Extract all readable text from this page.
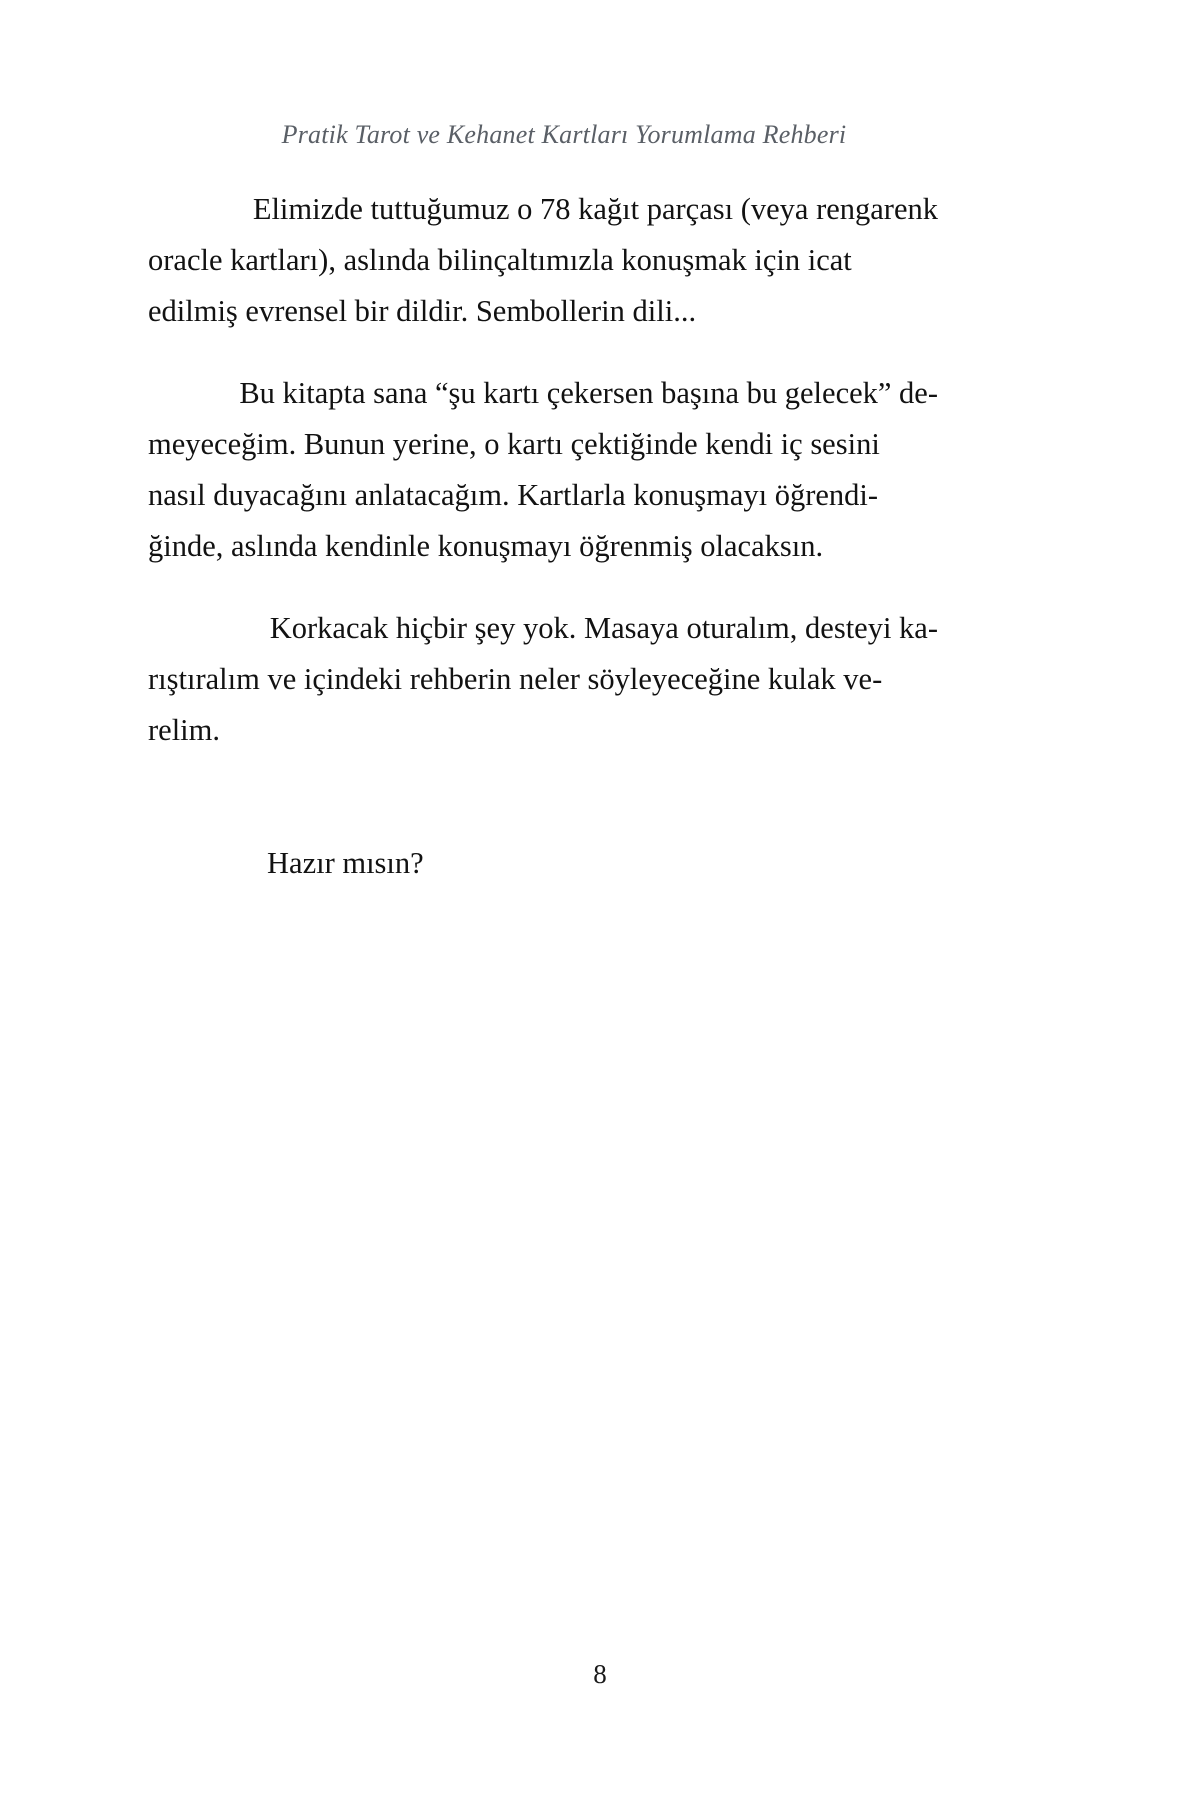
Pratik Tarot ve Kehanet Kartları Yorumlama Rehberi
Elimizde tuttuğumuz o 78 kağıt parçası (veya rengarenk
oracle kartları), aslında bilinçaltımızla konuşmak için icat
edilmiş evrensel bir dildir. Sembollerin dili...
Bu kitapta sana “şu kartı çekersen başına bu gelecek” de-
meyeceğim. Bunun yerine, o kartı çektiğinde kendi iç sesini
nasıl duyacağını anlatacağım. Kartlarla konuşmayı öğrendi-
ğinde, aslında kendinle konuşmayı öğrenmiş olacaksın.
Korkacak hiçbir şey yok. Masaya oturalım, desteyi ka-
rıştıralım ve içindeki rehberin neler söyleyeceğine kulak ve-
relim.

Hazır mısın?

8
